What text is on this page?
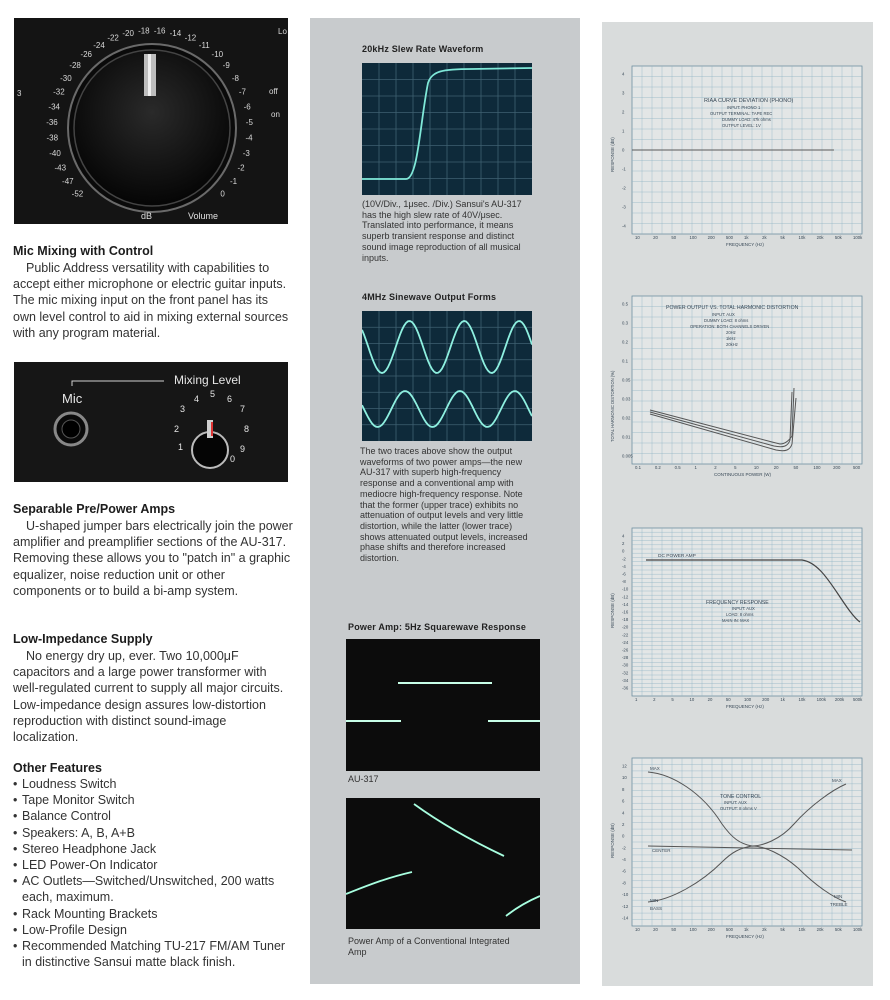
-52
-47
-43
-40
-38
-36
-34
-32
-30
-28
-26
-24
-22
-20 -18 -16 -14
-12
-11
-10
-9
-8
-7
-6
-5
-4
-3
-2
-1
0
dB	Volume
off
on
Lo
3
Mic Mixing with Control
Public Address versatility with capabilities to accept either microphone or electric guitar inputs. The mic mixing input on the front panel has its own level control to aid in mixing external sources with any program material.
Mic
Mixing Level
3
4 5 6
7
2	8
1	9
0
Separable Pre/Power Amps
U-shaped jumper bars electrically join the power amplifier and preamplifier sections of the AU-317. Removing these allows you to "patch in" a graphic equalizer, noise reduction unit or other components or to build a bi-amp system.
Low-Impedance Supply
No energy dry up, ever. Two 10,000μF capacitors and a large power transformer with well-regulated current to supply all major circuits. Low-impedance design assures low-distortion reproduction with distinct sound-image localization.
Other Features
• Loudness Switch
• Tape Monitor Switch
• Balance Control
• Speakers: A, B, A+B
• Stereo Headphone Jack
• LED Power-On Indicator
• AC Outlets—Switched/Unswitched, 200 watts each, maximum.
• Rack Mounting Brackets
• Low-Profile Design
• Recommended Matching TU-217 FM/AM Tuner in distinctive Sansui matte black finish.
20kHz Slew Rate Waveform
(10V/Div., 1μsec. /Div.) Sansui's AU-317 has the high slew rate of 40V/μsec. Translated into performance, it means superb transient response and distinct sound image reproduction of all musical inputs.
4MHz Sinewave Output Forms
The two traces above show the output waveforms of two power amps—the new AU-317 with superb high-frequency response and a conventional amp with mediocre high-frequency response. Note that the former (upper trace) exhibits no attenuation of output levels and very little distortion, while the latter (lower trace) shows attenuated output levels, increased phase shifts and therefore increased distortion.
Power Amp: 5Hz Squarewave Response
AU-317
Power Amp of a Conventional Integrated Amp
RIAA CURVE DEVIATION (PHONO)
INPUT: PHONO 1
OUTPUT TERMINAL: TAPE REC
DUMMY LOAD: 47k ohms
OUTPUT LEVEL: 1V
RESPONSE (dB)
FREQUENCY (Hz)
4
3
2
1
0
-1
-2
-3
-4
10	20	50	100	200	500	1k	2k	5k	10k	20k	50k	100k
POWER OUTPUT VS. TOTAL HARMONIC DISTORTION
INPUT: AUX
DUMMY LOAD: 8 ohms
OPERATION: BOTH CHANNELS DRIVEN
20Hz
1kHz
20kHz
TOTAL HARMONIC DISTORTION (%)
CONTINUOUS POWER (W)
0.5
0.3
0.2
0.1
0.05
0.03
0.02
0.01
0.005
0.1	0.2	0.5	1	2	5	10	20	50	100	200	500
DC POWER AMP
FREQUENCY RESPONSE
INPUT: AUX
LOAD: 8 ohms
MAIN IN: MAX
RESPONSE (dB)
FREQUENCY (Hz)
4
2
0
-2
-4
-6
-8
-10
-12
-14
-16
-18
-20
-22
-24
-26
-28
-30
-32
-34
-36
1	2	5	10	20	50	100	200	1k	10k	100k 200k 500k
TONE CONTROL
INPUT: AUX
OUTPUT: 8 ohms V
MAX
MAX
CENTER
MIN
MIN
BASS
TREBLE
RESPONSE (dB)
FREQUENCY (Hz)
12
10
8
6
4
2
0
-2
-4
-6
-8
-10
-12
-14
10	20	50	100	200	500	1k	2k	5k	10k	20k	50k	100k
